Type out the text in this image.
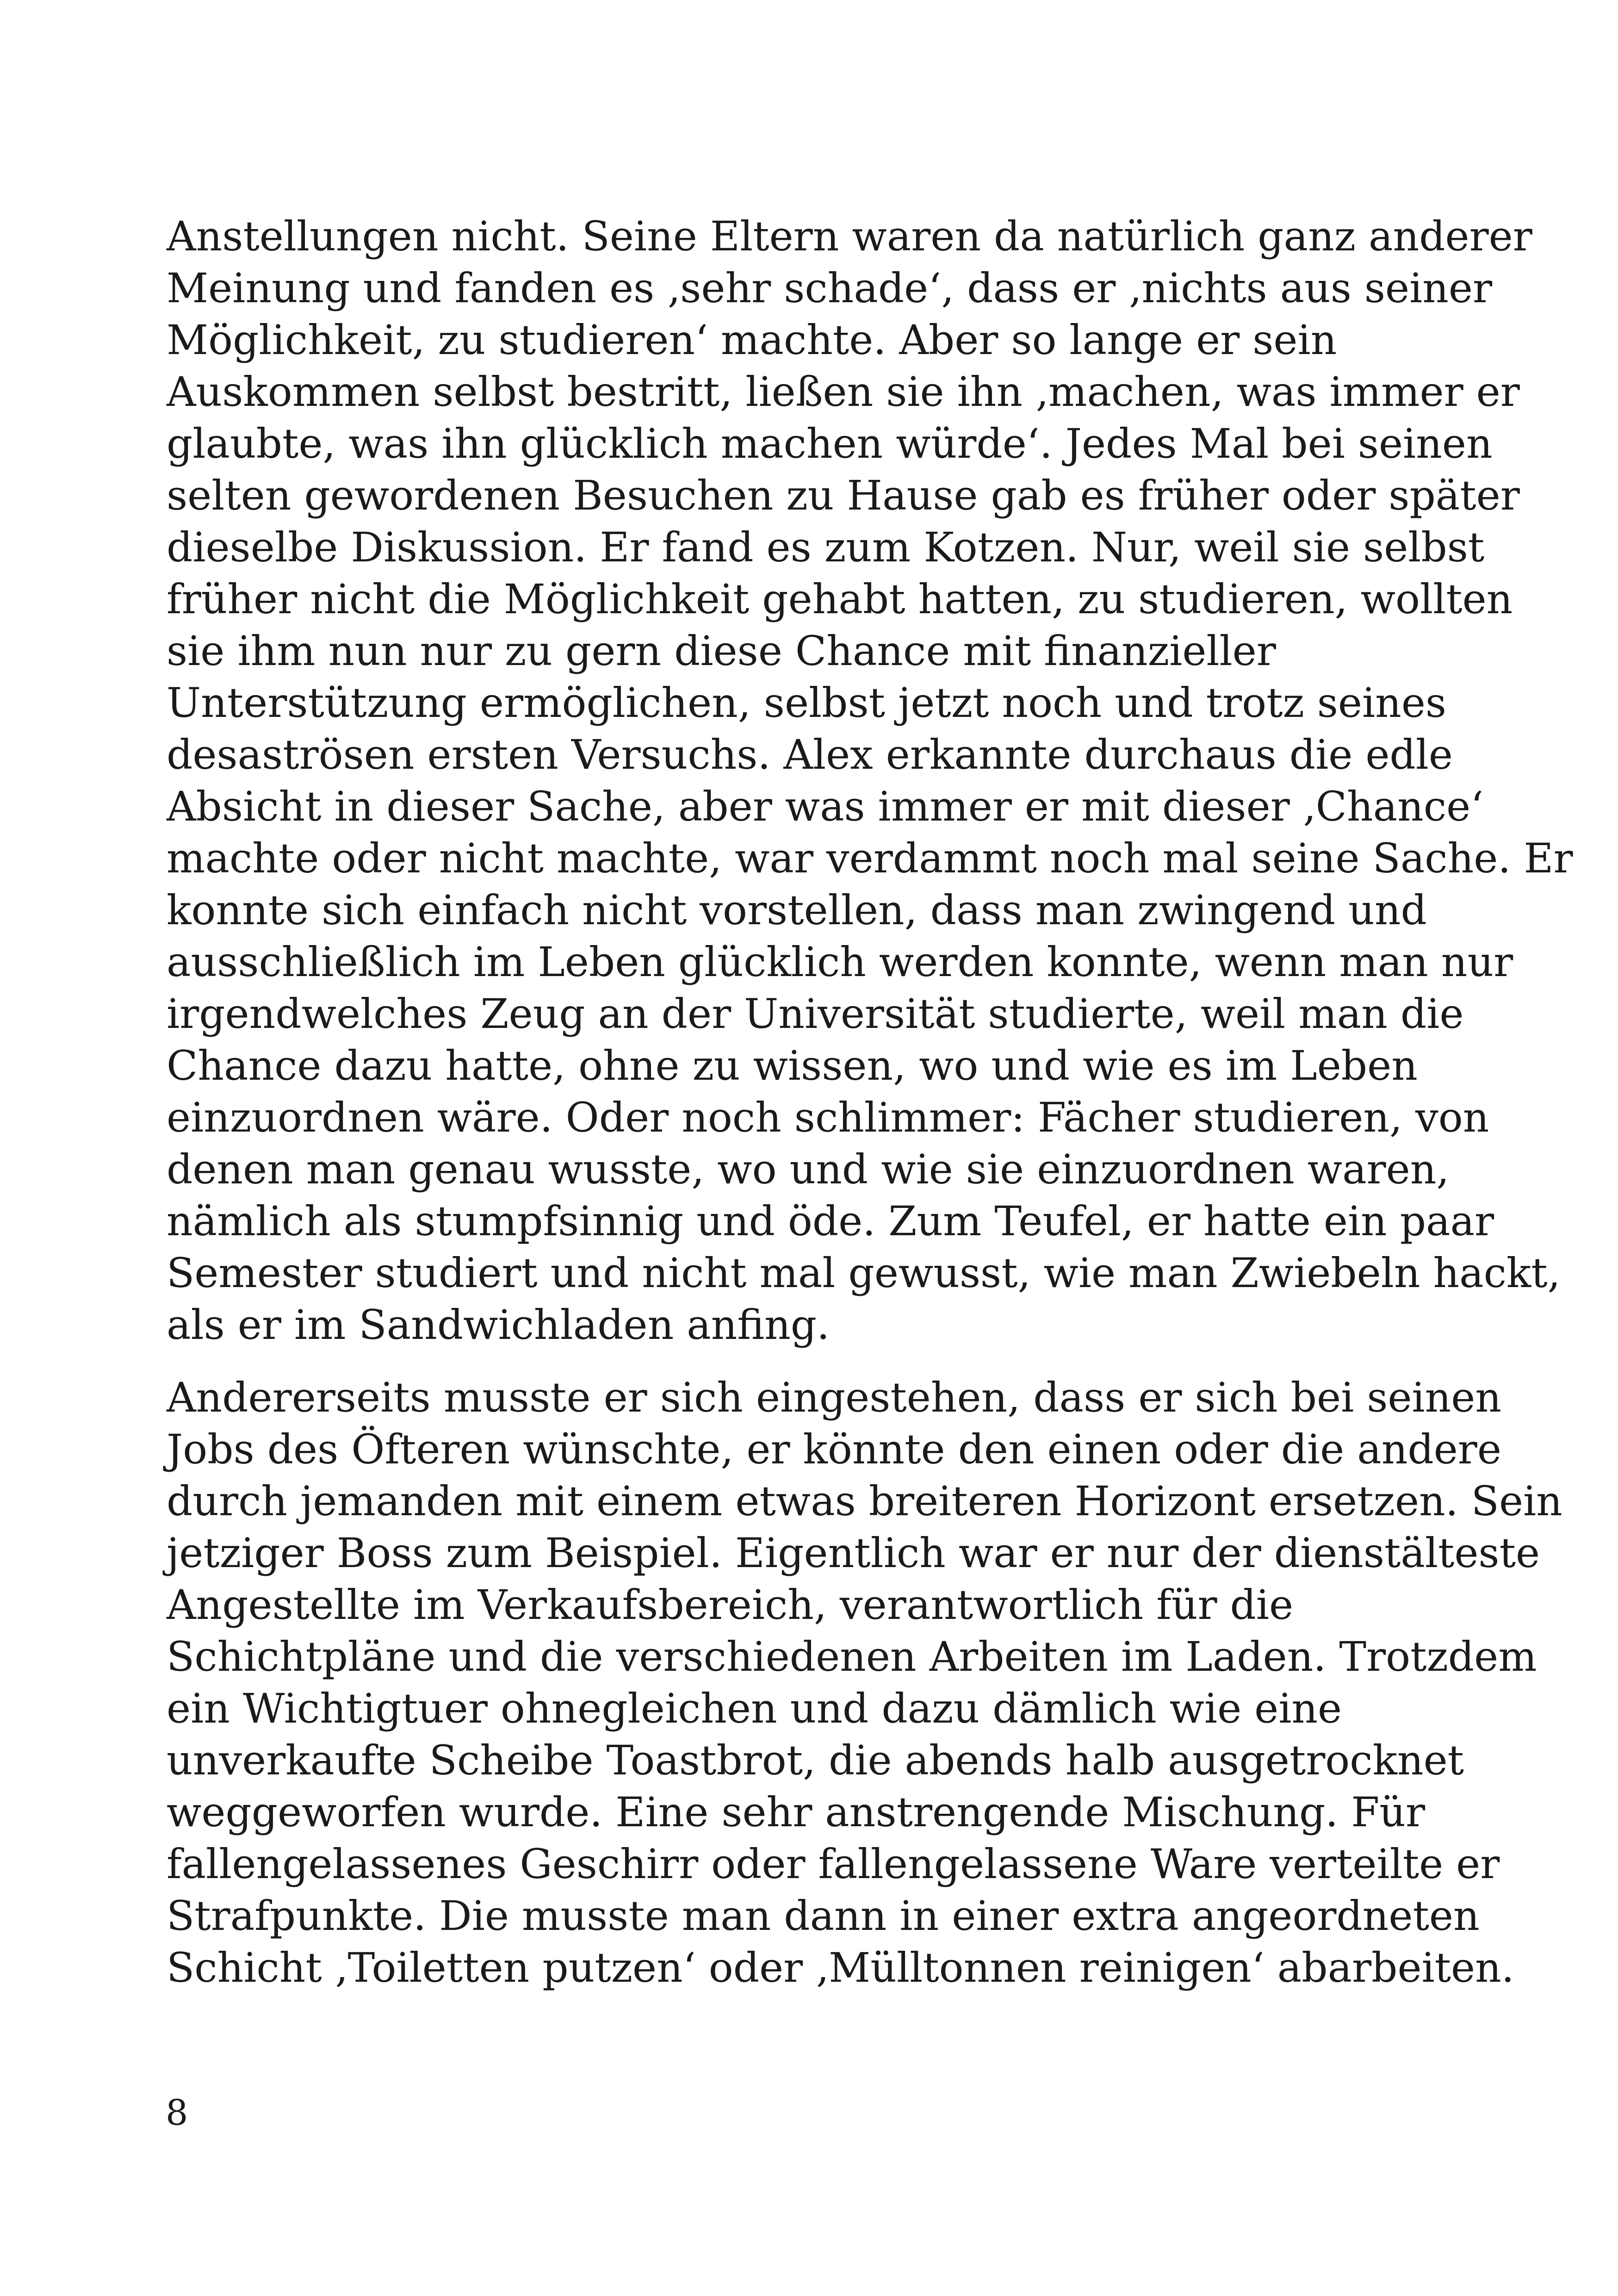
Anstellungen nicht. Seine Eltern waren da natürlich ganz anderer
Meinung und fanden es ‚sehr schade‘, dass er ‚nichts aus seiner
Möglichkeit, zu studieren‘ machte. Aber so lange er sein
Auskommen selbst bestritt, ließen sie ihn ‚machen, was immer er
glaubte, was ihn glücklich machen würde‘. Jedes Mal bei seinen
selten gewordenen Besuchen zu Hause gab es früher oder später
dieselbe Diskussion. Er fand es zum Kotzen. Nur, weil sie selbst
früher nicht die Möglichkeit gehabt hatten, zu studieren, wollten
sie ihm nun nur zu gern diese Chance mit finanzieller
Unterstützung ermöglichen, selbst jetzt noch und trotz seines
desaströsen ersten Versuchs. Alex erkannte durchaus die edle
Absicht in dieser Sache, aber was immer er mit dieser ‚Chance‘
machte oder nicht machte, war verdammt noch mal seine Sache. Er
konnte sich einfach nicht vorstellen, dass man zwingend und
ausschließlich im Leben glücklich werden konnte, wenn man nur
irgendwelches Zeug an der Universität studierte, weil man die
Chance dazu hatte, ohne zu wissen, wo und wie es im Leben
einzuordnen wäre. Oder noch schlimmer: Fächer studieren, von
denen man genau wusste, wo und wie sie einzuordnen waren,
nämlich als stumpfsinnig und öde. Zum Teufel, er hatte ein paar
Semester studiert und nicht mal gewusst, wie man Zwiebeln hackt,
als er im Sandwichladen anfing.

Andererseits musste er sich eingestehen, dass er sich bei seinen
Jobs des Öfteren wünschte, er könnte den einen oder die andere
durch jemanden mit einem etwas breiteren Horizont ersetzen. Sein
jetziger Boss zum Beispiel. Eigentlich war er nur der dienstälteste
Angestellte im Verkaufsbereich, verantwortlich für die
Schichtpläne und die verschiedenen Arbeiten im Laden. Trotzdem
ein Wichtigtuer ohnegleichen und dazu dämlich wie eine
unverkaufte Scheibe Toastbrot, die abends halb ausgetrocknet
weggeworfen wurde. Eine sehr anstrengende Mischung. Für
fallengelassenes Geschirr oder fallengelassene Ware verteilte er
Strafpunkte. Die musste man dann in einer extra angeordneten
Schicht ‚Toiletten putzen‘ oder ‚Mülltonnen reinigen‘ abarbeiten.

8
